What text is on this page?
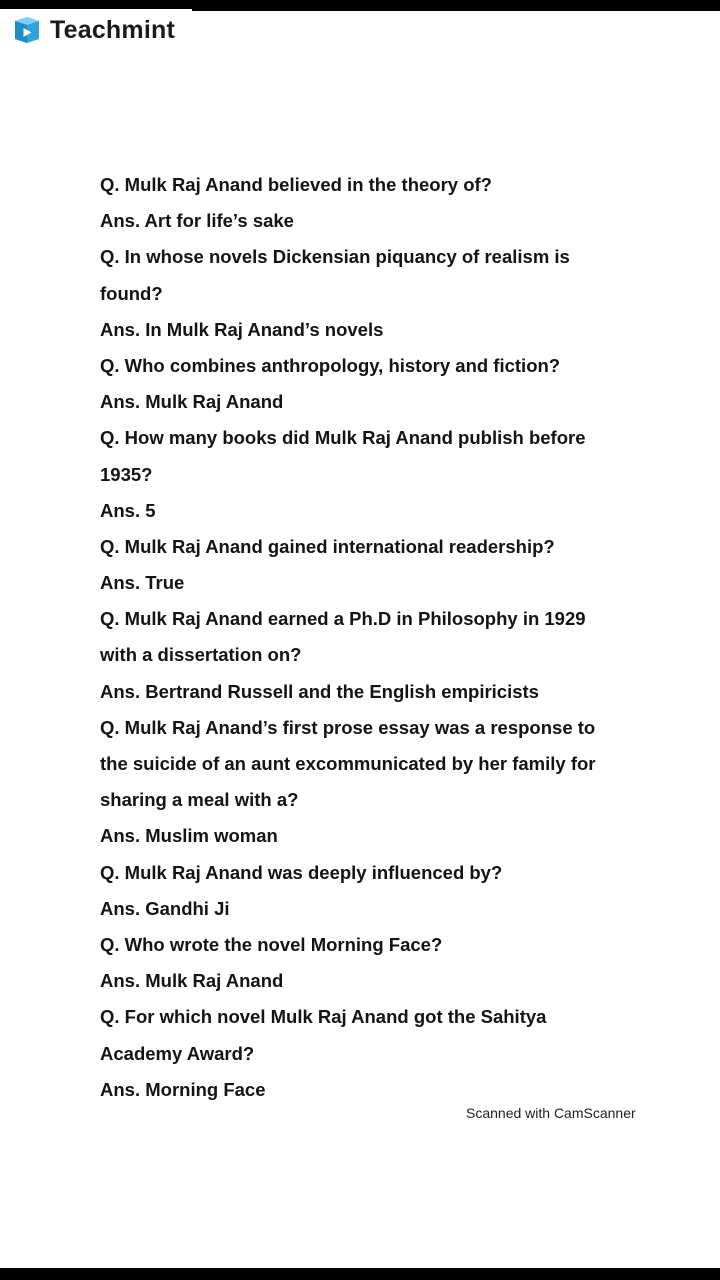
Teachmint
Q. Mulk Raj Anand believed in the theory of?
Ans. Art for life’s sake
Q. In whose novels Dickensian piquancy of realism is
found?
Ans. In Mulk Raj Anand’s novels
Q. Who combines anthropology, history and fiction?
Ans. Mulk Raj Anand
Q. How many books did Mulk Raj Anand publish before
1935?
Ans. 5
Q. Mulk Raj Anand gained international readership?
Ans. True
Q. Mulk Raj Anand earned a Ph.D in Philosophy in 1929
with a dissertation on?
Ans. Bertrand Russell and the English empiricists
Q. Mulk Raj Anand’s first prose essay was a response to
the suicide of an aunt excommunicated by her family for
sharing a meal with a?
Ans. Muslim woman
Q. Mulk Raj Anand was deeply influenced by?
Ans. Gandhi Ji
Q. Who wrote the novel Morning Face?
Ans. Mulk Raj Anand
Q. For which novel Mulk Raj Anand got the Sahitya
Academy Award?
Ans. Morning Face
Scanned with CamScanner
